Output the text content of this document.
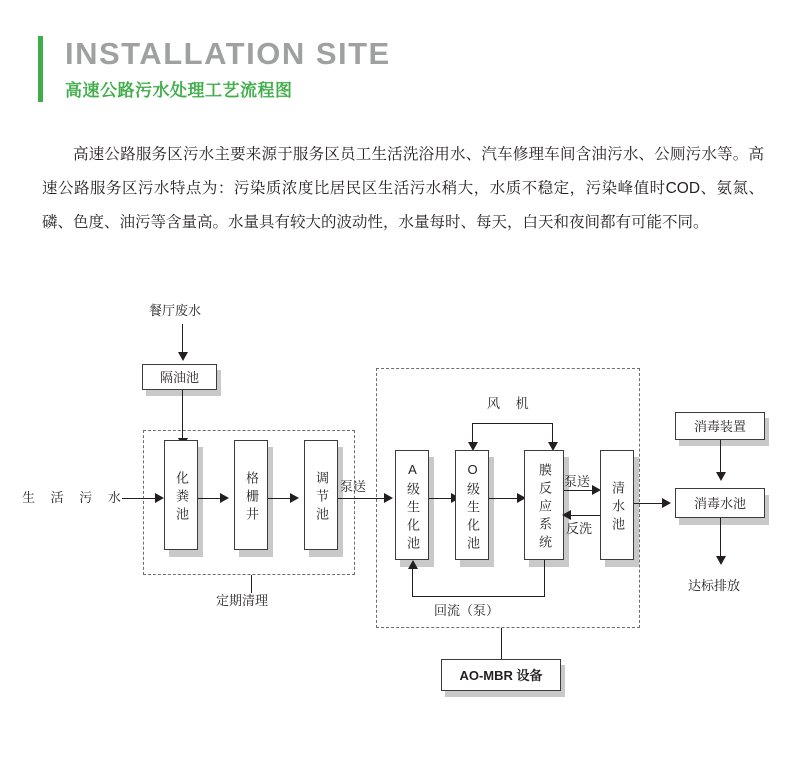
INSTALLATION SITE
高速公路污水处理工艺流程图
高速公路服务区污水主要来源于服务区员工生活洗浴用水、汽车修理车间含油污水、公厕污水等。高速公路服务区污水特点为：污染质浓度比居民区生活污水稍大，水质不稳定，污染峰值时COD、氨氮、磷、色度、油污等含量高。水量具有较大的波动性，水量每时、每天，白天和夜间都有可能不同。
餐厅废水
隔油池
生 活 污 水	化粪池	格栅井	调节池
定期清理
泵送
风 机
A级生化池	O级生化池	膜反应系统 泵送
反洗	清水池
回流（泵）
AO-MBR 设备
消毒装置
消毒水池
达标排放
